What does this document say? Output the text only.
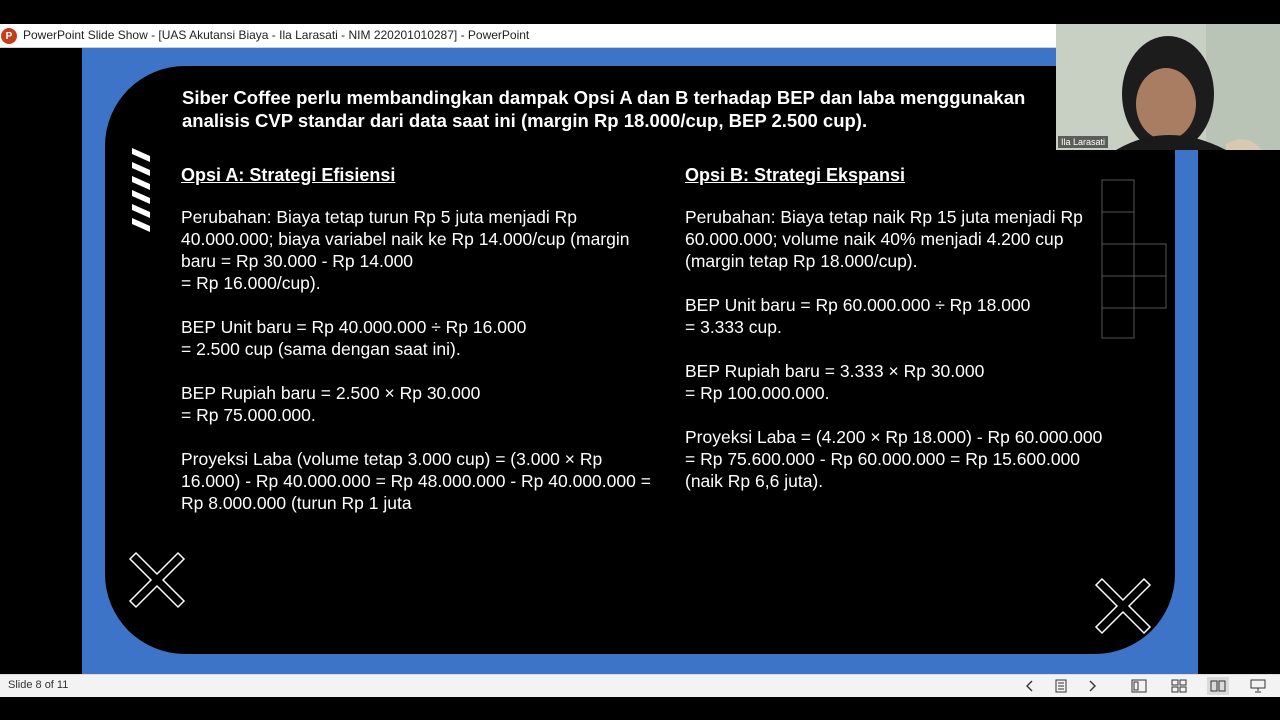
P PowerPoint Slide Show - [UAS Akutansi Biaya - Ila Larasati - NIM 220201010287] - PowerPoint
Siber Coffee perlu membandingkan dampak Opsi A dan B terhadap BEP dan laba menggunakan analisis CVP standar dari data saat ini (margin Rp 18.000/cup, BEP 2.500 cup).
Opsi A: Strategi Efisiensi

Perubahan: Biaya tetap turun Rp 5 juta menjadi Rp 40.000.000; biaya variabel naik ke Rp 14.000/cup (margin baru = Rp 30.000 - Rp 14.000
= Rp 16.000/cup).

BEP Unit baru = Rp 40.000.000 ÷ Rp 16.000
= 2.500 cup (sama dengan saat ini).

BEP Rupiah baru = 2.500 × Rp 30.000
= Rp 75.000.000.

Proyeksi Laba (volume tetap 3.000 cup) = (3.000 × Rp 16.000) - Rp 40.000.000 = Rp 48.000.000 - Rp 40.000.000 = Rp 8.000.000 (turun Rp 1 juta

Opsi B: Strategi Ekspansi

Perubahan: Biaya tetap naik Rp 15 juta menjadi Rp 60.000.000; volume naik 40% menjadi 4.200 cup (margin tetap Rp 18.000/cup).

BEP Unit baru = Rp 60.000.000 ÷ Rp 18.000
= 3.333 cup.

BEP Rupiah baru = 3.333 × Rp 30.000
= Rp 100.000.000.

Proyeksi Laba = (4.200 × Rp 18.000) - Rp 60.000.000 = Rp 75.600.000 - Rp 60.000.000 = Rp 15.600.000 (naik Rp 6,6 juta).

Ila Larasati
Slide 8 of 11
